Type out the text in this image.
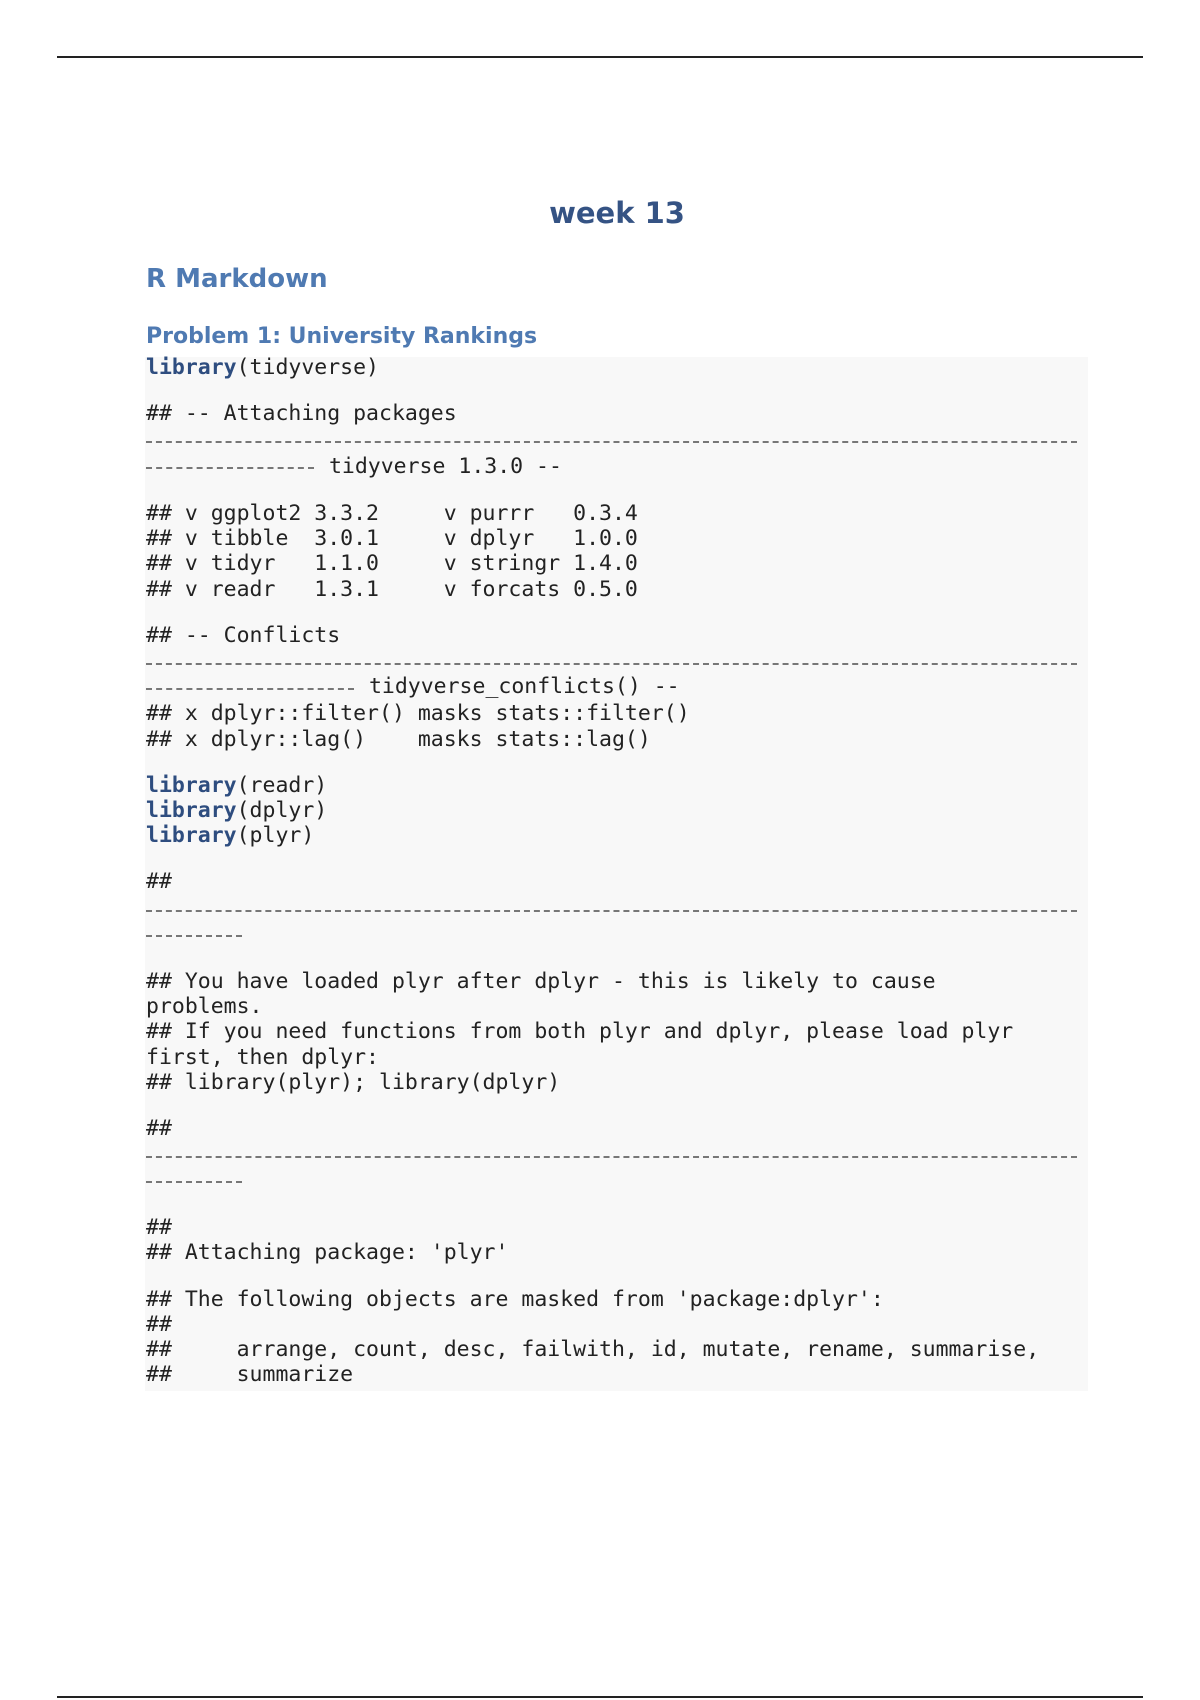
week 13
R Markdown
Problem 1: University Rankings
library(tidyverse)
## -- Attaching packages
tidyverse 1.3.0 --
## v ggplot2 3.3.2     v purrr   0.3.4
## v tibble  3.0.1     v dplyr   1.0.0
## v tidyr   1.1.0     v stringr 1.4.0
## v readr   1.3.1     v forcats 0.5.0
## -- Conflicts
tidyverse_conflicts() --
## x dplyr::filter() masks stats::filter()
## x dplyr::lag()    masks stats::lag()
library(readr)
library(dplyr)
library(plyr)
##
## You have loaded plyr after dplyr - this is likely to cause
problems.
## If you need functions from both plyr and dplyr, please load plyr
first, then dplyr:
## library(plyr); library(dplyr)
##
##
## Attaching package: 'plyr'
## The following objects are masked from 'package:dplyr':
##
##     arrange, count, desc, failwith, id, mutate, rename, summarise,
##     summarize
